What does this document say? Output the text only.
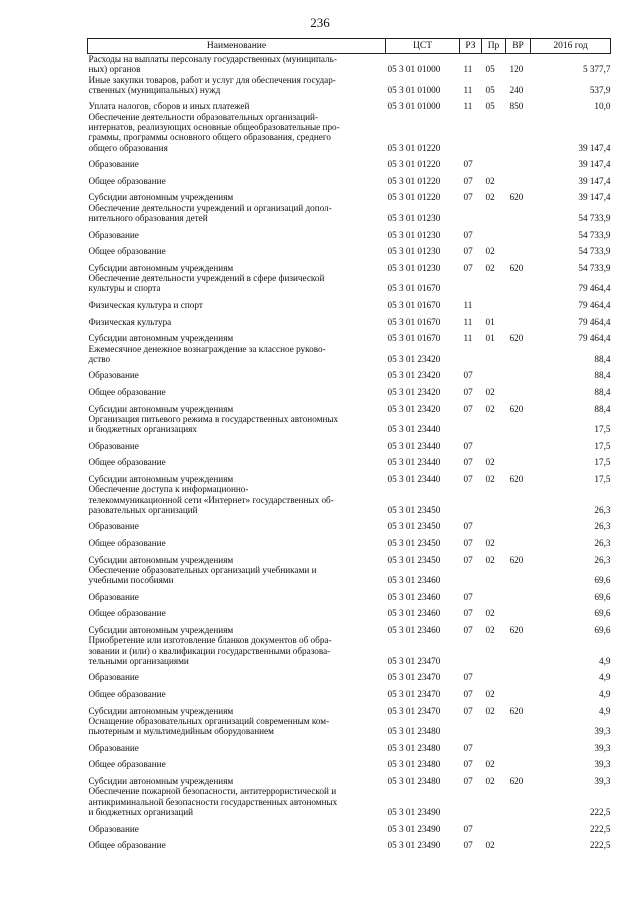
236
Наименование	ЦСТ	РЗ	Пр	ВР	2016 год

Расходы на выплаты персоналу государственных (муниципаль-
ных) органов	05 3 01 01000	11	05	120	5 377,7

Иные закупки товаров, работ и услуг для обеспечения государ-
ственных (муниципальных) нужд	05 3 01 01000	11	05	240	537,9

Уплата налогов, сборов и иных платежей	05 3 01 01000	11	05	850	10,0

Обеспечение деятельности образовательных организаций-
интернатов, реализующих основные общеобразовательные про-
граммы, программы основного общего образования, среднего
общего образования	05 3 01 01220				39 147,4

Образование	05 3 01 01220	07			39 147,4

Общее образование	05 3 01 01220	07	02		39 147,4

Субсидии автономным учреждениям	05 3 01 01220	07	02	620	39 147,4

Обеспечение деятельности учреждений и организаций допол-
нительного образования детей	05 3 01 01230				54 733,9

Образование	05 3 01 01230	07			54 733,9

Общее образование	05 3 01 01230	07	02		54 733,9

Субсидии автономным учреждениям	05 3 01 01230	07	02	620	54 733,9

Обеспечение деятельности учреждений в сфере физической
культуры и спорта	05 3 01 01670				79 464,4

Физическая культура и спорт	05 3 01 01670	11			79 464,4

Физическая культура	05 3 01 01670	11	01		79 464,4

Субсидии автономным учреждениям	05 3 01 01670	11	01	620	79 464,4

Ежемесячное денежное вознаграждение за классное руково-
дство	05 3 01 23420				88,4

Образование	05 3 01 23420	07			88,4

Общее образование	05 3 01 23420	07	02		88,4

Субсидии автономным учреждениям	05 3 01 23420	07	02	620	88,4

Организация питьевого режима в государственных автономных
и бюджетных организациях	05 3 01 23440				17,5

Образование	05 3 01 23440	07			17,5

Общее образование	05 3 01 23440	07	02		17,5

Субсидии автономным учреждениям	05 3 01 23440	07	02	620	17,5

Обеспечение доступа к информационно-
телекоммуникационной сети «Интернет» государственных об-
разовательных организаций	05 3 01 23450				26,3

Образование	05 3 01 23450	07			26,3

Общее образование	05 3 01 23450	07	02		26,3

Субсидии автономным учреждениям	05 3 01 23450	07	02	620	26,3

Обеспечение образовательных организаций учебниками и
учебными пособиями	05 3 01 23460				69,6

Образование	05 3 01 23460	07			69,6

Общее образование	05 3 01 23460	07	02		69,6

Субсидии автономным учреждениям	05 3 01 23460	07	02	620	69,6

Приобретение или изготовление бланков документов об обра-
зовании и (или) о квалификации государственными образова-
тельными организациями	05 3 01 23470				4,9

Образование	05 3 01 23470	07			4,9

Общее образование	05 3 01 23470	07	02		4,9

Субсидии автономным учреждениям	05 3 01 23470	07	02	620	4,9

Оснащение образовательных организаций современным ком-
пьютерным и мультимедийным оборудованием	05 3 01 23480				39,3

Образование	05 3 01 23480	07			39,3

Общее образование	05 3 01 23480	07	02		39,3

Субсидии автономным учреждениям	05 3 01 23480	07	02	620	39,3

Обеспечение пожарной безопасности, антитеррористической и
антикриминальной безопасности государственных автономных
и бюджетных организаций	05 3 01 23490				222,5

Образование	05 3 01 23490	07			222,5

Общее образование	05 3 01 23490	07	02		222,5
